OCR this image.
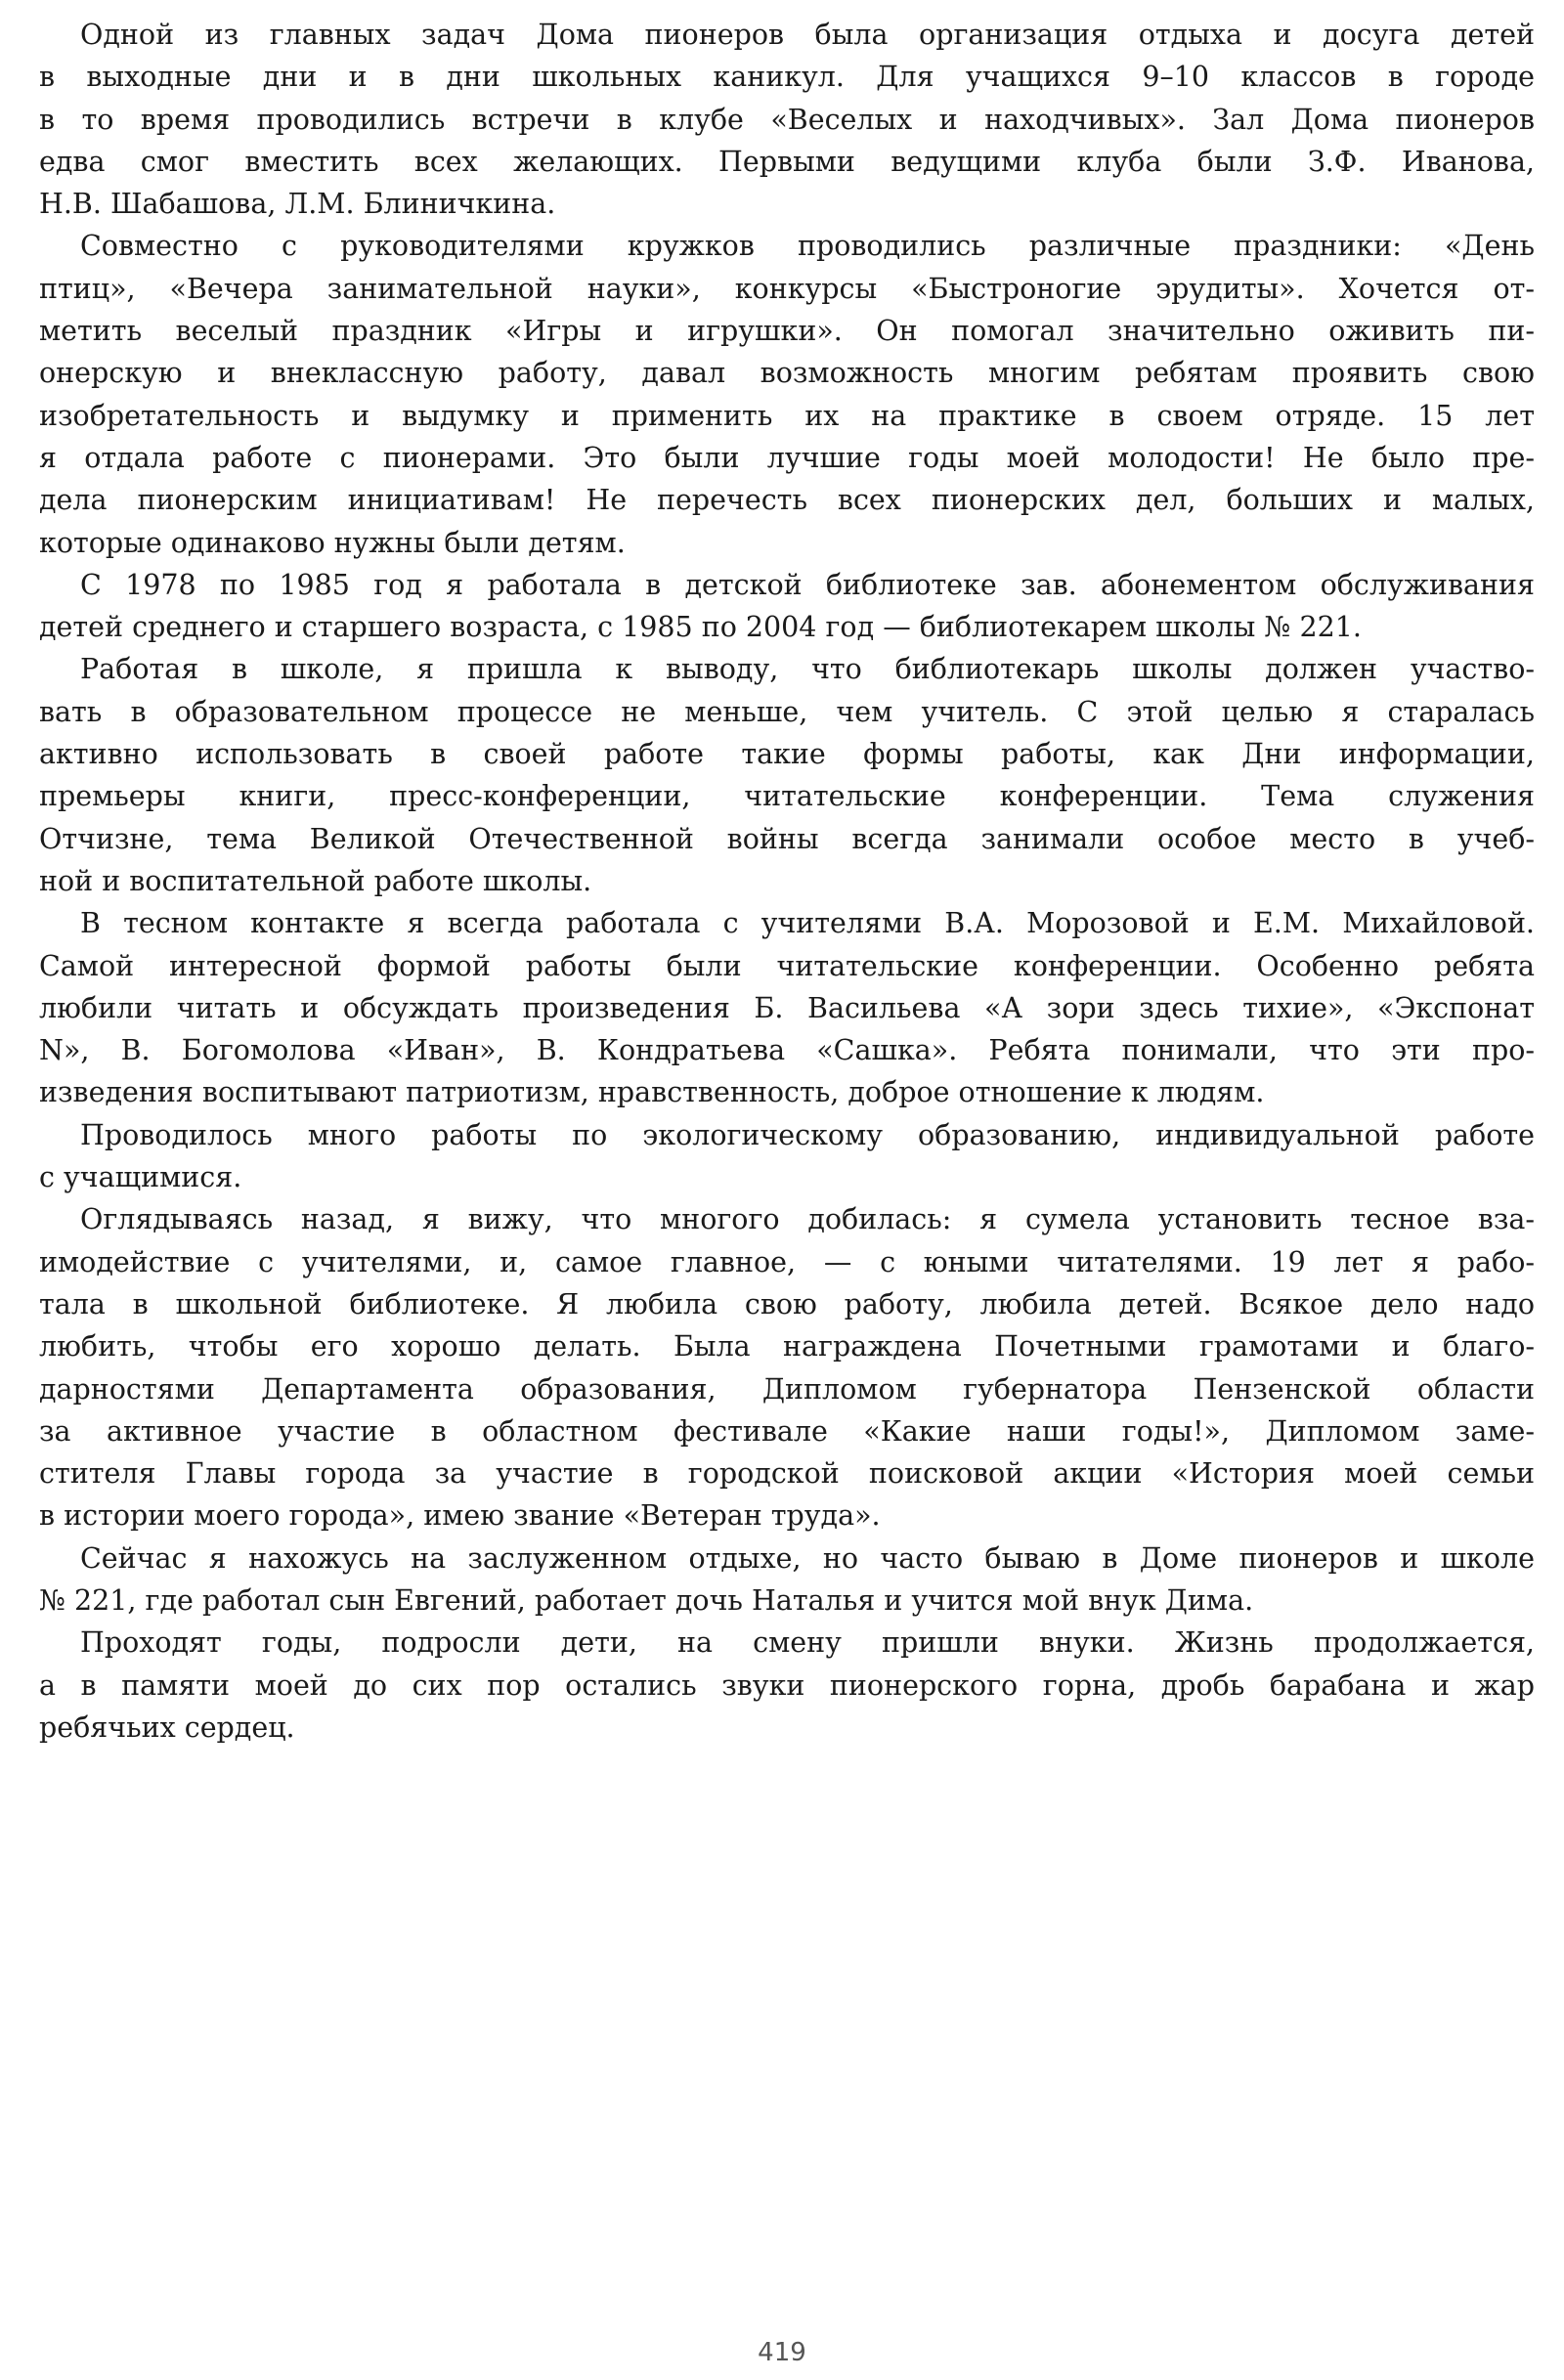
Одной из главных задач Дома пионеров была организация отдыха и досуга детей
в выходные дни и в дни школьных каникул. Для учащихся 9–10 классов в городе
в то время проводились встречи в клубе «Веселых и находчивых». Зал Дома пионеров
едва смог вместить всех желающих. Первыми ведущими клуба были З.Ф. Иванова,
Н.В. Шабашова, Л.М. Блиничкина.
Совместно с руководителями кружков проводились различные праздники: «День
птиц», «Вечера занимательной науки», конкурсы «Быстроногие эрудиты». Хочется от-
метить веселый праздник «Игры и игрушки». Он помогал значительно оживить пи-
онерскую и внеклассную работу, давал возможность многим ребятам проявить свою
изобретательность и выдумку и применить их на практике в своем отряде. 15 лет
я отдала работе с пионерами. Это были лучшие годы моей молодости! Не было пре-
дела пионерским инициативам! Не перечесть всех пионерских дел, больших и малых,
которые одинаково нужны были детям.
С 1978 по 1985 год я работала в детской библиотеке зав. абонементом обслуживания
детей среднего и старшего возраста, с 1985 по 2004 год — библиотекарем школы № 221.
Работая в школе, я пришла к выводу, что библиотекарь школы должен участво-
вать в образовательном процессе не меньше, чем учитель. С этой целью я старалась
активно использовать в своей работе такие формы работы, как Дни информации,
премьеры книги, пресс-конференции, читательские конференции. Тема служения
Отчизне, тема Великой Отечественной войны всегда занимали особое место в учеб-
ной и воспитательной работе школы.
В тесном контакте я всегда работала с учителями В.А. Морозовой и Е.М. Михайловой.
Самой интересной формой работы были читательские конференции. Особенно ребята
любили читать и обсуждать произведения Б. Васильева «А зори здесь тихие», «Экспонат
N», В. Богомолова «Иван», В. Кондратьева «Сашка». Ребята понимали, что эти про-
изведения воспитывают патриотизм, нравственность, доброе отношение к людям.
Проводилось много работы по экологическому образованию, индивидуальной работе
с учащимися.
Оглядываясь назад, я вижу, что многого добилась: я сумела установить тесное вза-
имодействие с учителями, и, самое главное, — с юными читателями. 19 лет я рабо-
тала в школьной библиотеке. Я любила свою работу, любила детей. Всякое дело надо
любить, чтобы его хорошо делать. Была награждена Почетными грамотами и благо-
дарностями Департамента образования, Дипломом губернатора Пензенской области
за активное участие в областном фестивале «Какие наши годы!», Дипломом заме-
стителя Главы города за участие в городской поисковой акции «История моей семьи
в истории моего города», имею звание «Ветеран труда».
Сейчас я нахожусь на заслуженном отдыхе, но часто бываю в Доме пионеров и школе
№ 221, где работал сын Евгений, работает дочь Наталья и учится мой внук Дима.
Проходят годы, подросли дети, на смену пришли внуки. Жизнь продолжается,
а в памяти моей до сих пор остались звуки пионерского горна, дробь барабана и жар
ребячьих сердец.
419
